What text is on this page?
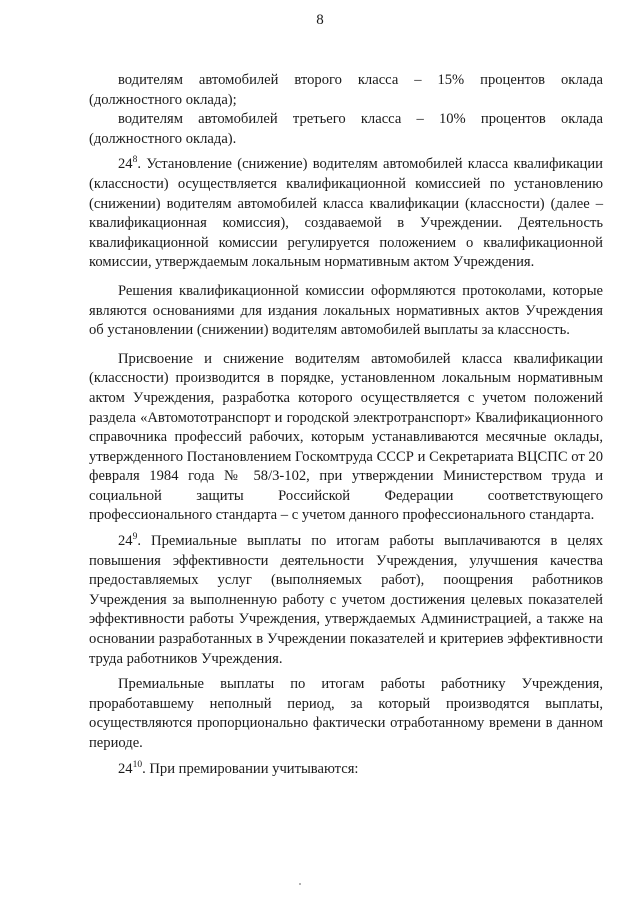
8

водителям автомобилей второго класса – 15% процентов оклада (должностного оклада);

водителям автомобилей третьего класса – 10% процентов оклада (должностного оклада).

$24^8$. Установление (снижение) водителям автомобилей класса квалификации (классности) осуществляется квалификационной комиссией по установлению (снижении) водителям автомобилей класса квалификации (классности) (далее – квалификационная комиссия), создаваемой в Учреждении. Деятельность квалификационной комиссии регулируется положением о квалификационной комиссии, утверждаемым локальным нормативным актом Учреждения.

Решения квалификационной комиссии оформляются протоколами, которые являются основаниями для издания локальных нормативных актов Учреждения об установлении (снижении) водителям автомобилей выплаты за классность.

Присвоение и снижение водителям автомобилей класса квалификации (классности) производится в порядке, установленном локальным нормативным актом Учреждения, разработка которого осуществляется с учетом положений раздела «Автомототранспорт и городской электротранспорт» Квалификационного справочника профессий рабочих, которым устанавливаются месячные оклады, утвержденного Постановлением Госкомтруда СССР и Секретариата ВЦСПС от 20 февраля 1984 года № 58/3-102, при утверждении Министерством труда и социальной защиты Российской Федерации соответствующего профессионального стандарта – с учетом данного профессионального стандарта.

$24^9$. Премиальные выплаты по итогам работы выплачиваются в целях повышения эффективности деятельности Учреждения, улучшения качества предоставляемых услуг (выполняемых работ), поощрения работников Учреждения за выполненную работу с учетом достижения целевых показателей эффективности работы Учреждения, утверждаемых Администрацией, а также на основании разработанных в Учреждении показателей и критериев эффективности труда работников Учреждения.

Премиальные выплаты по итогам работы работнику Учреждения, проработавшему неполный период, за который производятся выплаты, осуществляются пропорционально фактически отработанному времени в данном периоде.

$24^{10}$. При премировании учитываются:
